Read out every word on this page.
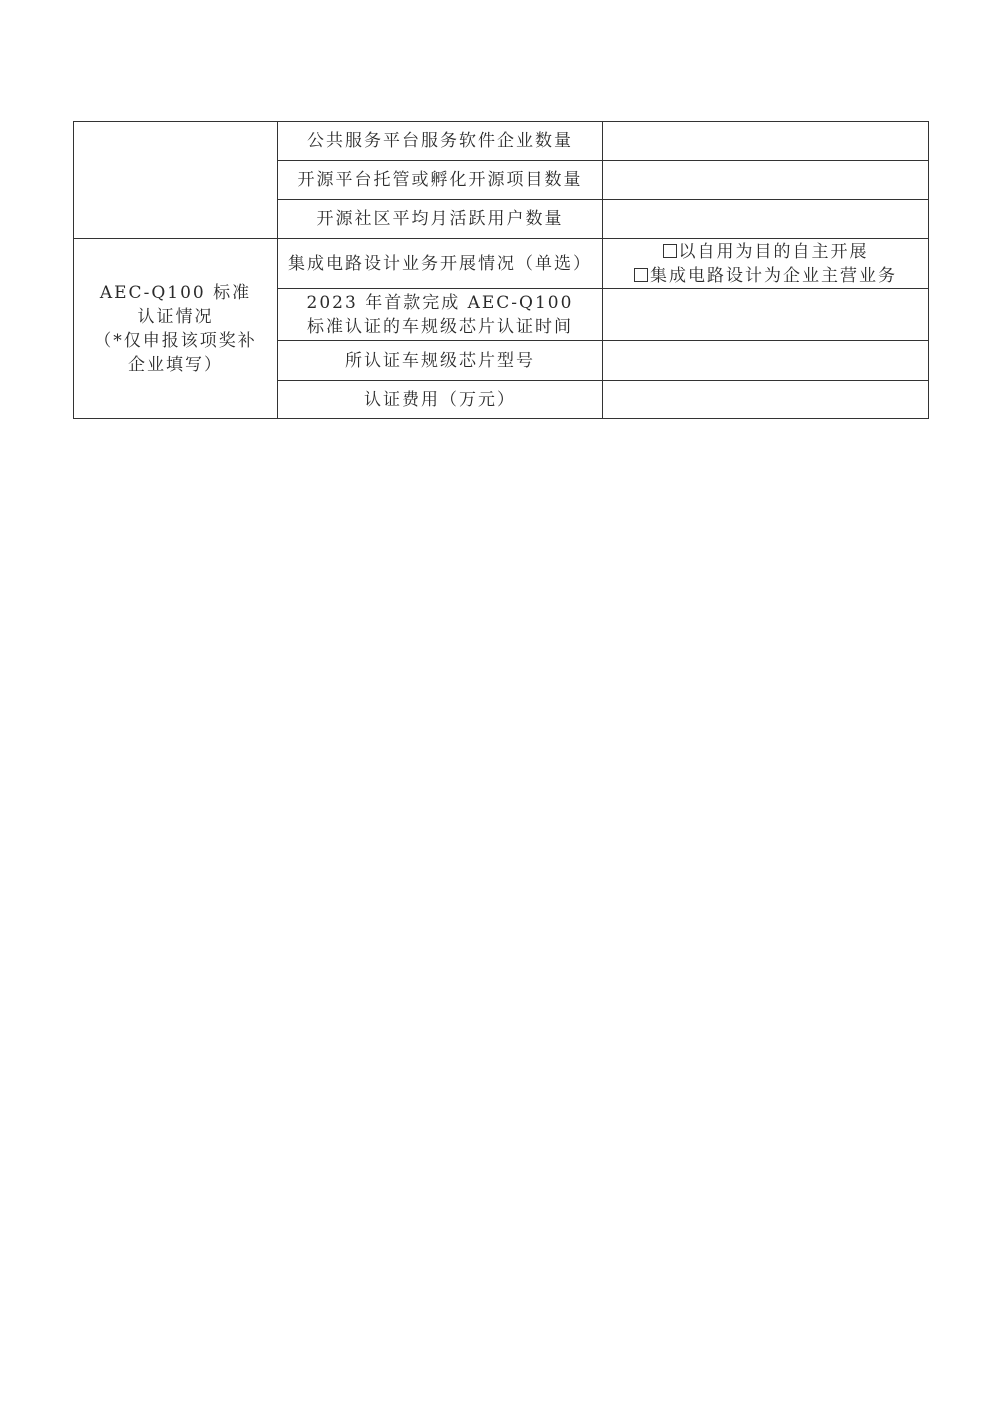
	公共服务平台服务软件企业数量	
	开源平台托管或孵化开源项目数量	
	开源社区平均月活跃用户数量	

AEC-Q100 标准
认证情况
（*仅申报该项奖补
企业填写）	集成电路设计业务开展情况（单选）	以自用为目的自主开展
集成电路设计为企业主营业务

	2023 年首款完成 AEC-Q100
标准认证的车规级芯片认证时间	

	所认证车规级芯片型号	
	认证费用（万元）	
